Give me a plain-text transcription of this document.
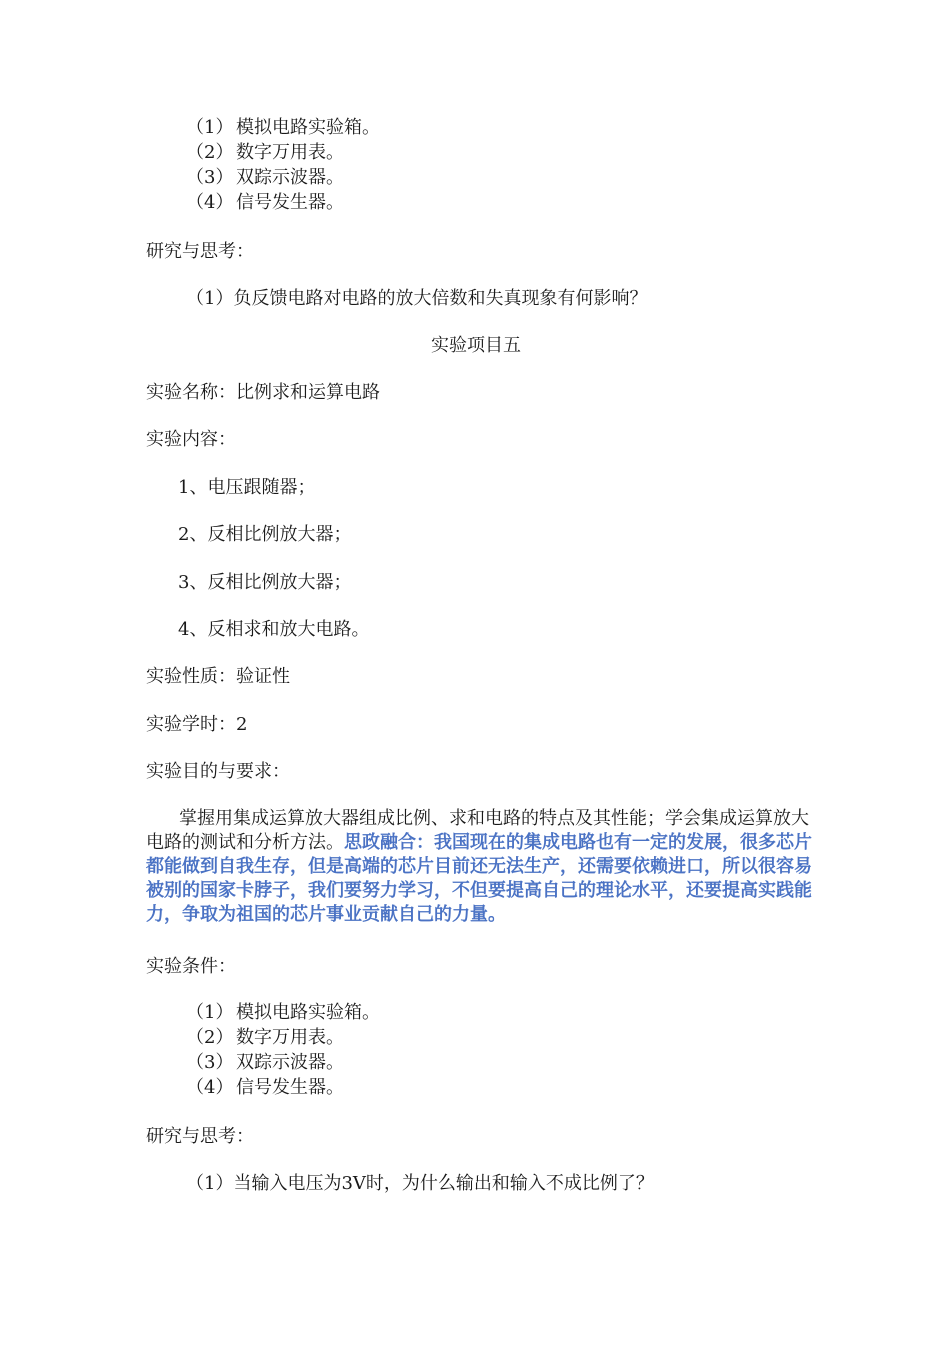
（1） 模拟电路实验箱。
（2） 数字万用表。
（3） 双踪示波器。
（4） 信号发生器。
研究与思考：
（1）负反馈电路对电路的放大倍数和失真现象有何影响？
实验项目五
实验名称：比例求和运算电路
实验内容：
1、电压跟随器；
2、反相比例放大器；
3、反相比例放大器；
4、反相求和放大电路。
实验性质：验证性
实验学时：2
实验目的与要求：
掌握用集成运算放大器组成比例、求和电路的特点及其性能；学会集成运算放大电路的测试和分析方法。思政融合：我国现在的集成电路也有一定的发展，很多芯片都能做到自我生存，但是高端的芯片目前还无法生产，还需要依赖进口，所以很容易被别的国家卡脖子，我们要努力学习，不但要提高自己的理论水平，还要提高实践能力，争取为祖国的芯片事业贡献自己的力量。
实验条件：
（1） 模拟电路实验箱。
（2） 数字万用表。
（3） 双踪示波器。
（4） 信号发生器。
研究与思考：
（1）当输入电压为3V时，为什么输出和输入不成比例了？
